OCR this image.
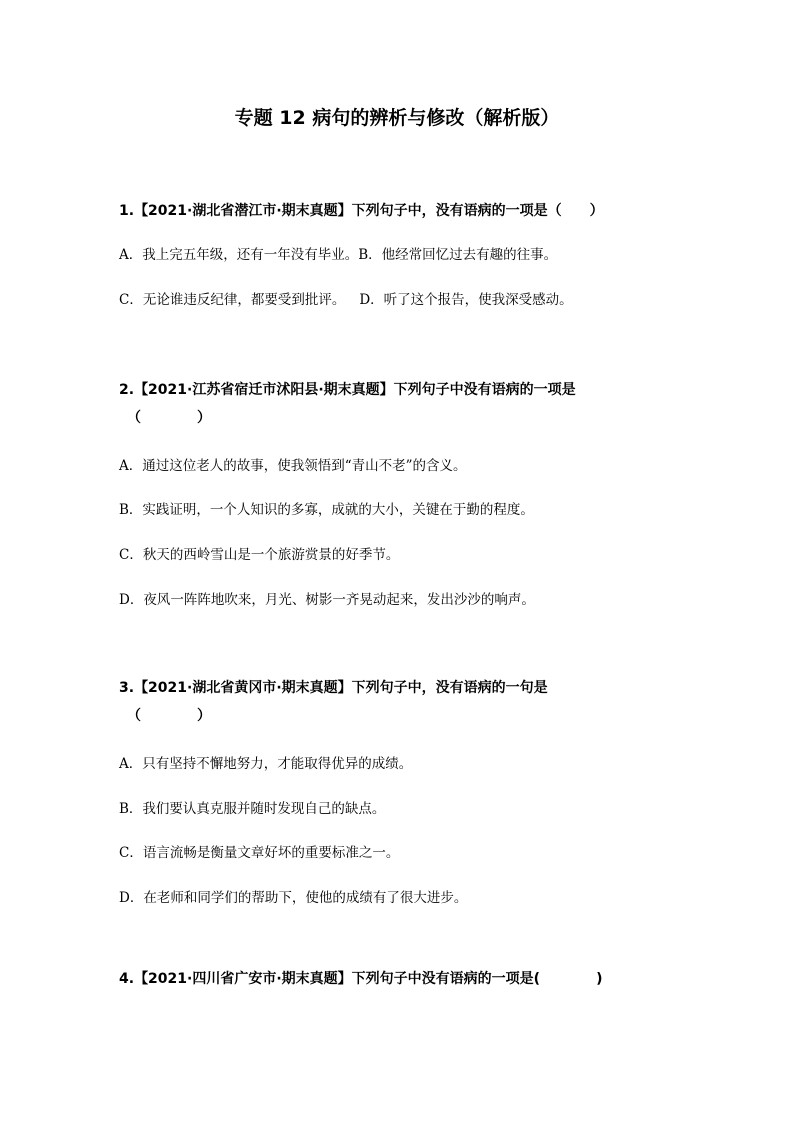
专题 12 病句的辨析与修改（解析版）
1.【2021·湖北省潜江市·期末真题】下列句子中，没有语病的一项是（　　）
A．我上完五年级，还有一年没有毕业。B．他经常回忆过去有趣的往事。
C．无论谁违反纪律，都要受到批评。 D．听了这个报告，使我深受感动。
2.【2021·江苏省宿迁市沭阳县·期末真题】下列句子中没有语病的一项是
（　　　　）
A．通过这位老人的故事，使我领悟到“青山不老”的含义。
B．实践证明，一个人知识的多寡，成就的大小，关键在于勤的程度。
C．秋天的西岭雪山是一个旅游赏景的好季节。
D．夜风一阵阵地吹来，月光、树影一齐晃动起来，发出沙沙的响声。
3.【2021·湖北省黄冈市·期末真题】下列句子中，没有语病的一句是
（　　　　）
A．只有坚持不懈地努力，才能取得优异的成绩。
B．我们要认真克服并随时发现自己的缺点。
C．语言流畅是衡量文章好坏的重要标准之一。
D．在老师和同学们的帮助下，使他的成绩有了很大进步。
4.【2021·四川省广安市·期末真题】下列句子中没有语病的一项是(　　　　)
